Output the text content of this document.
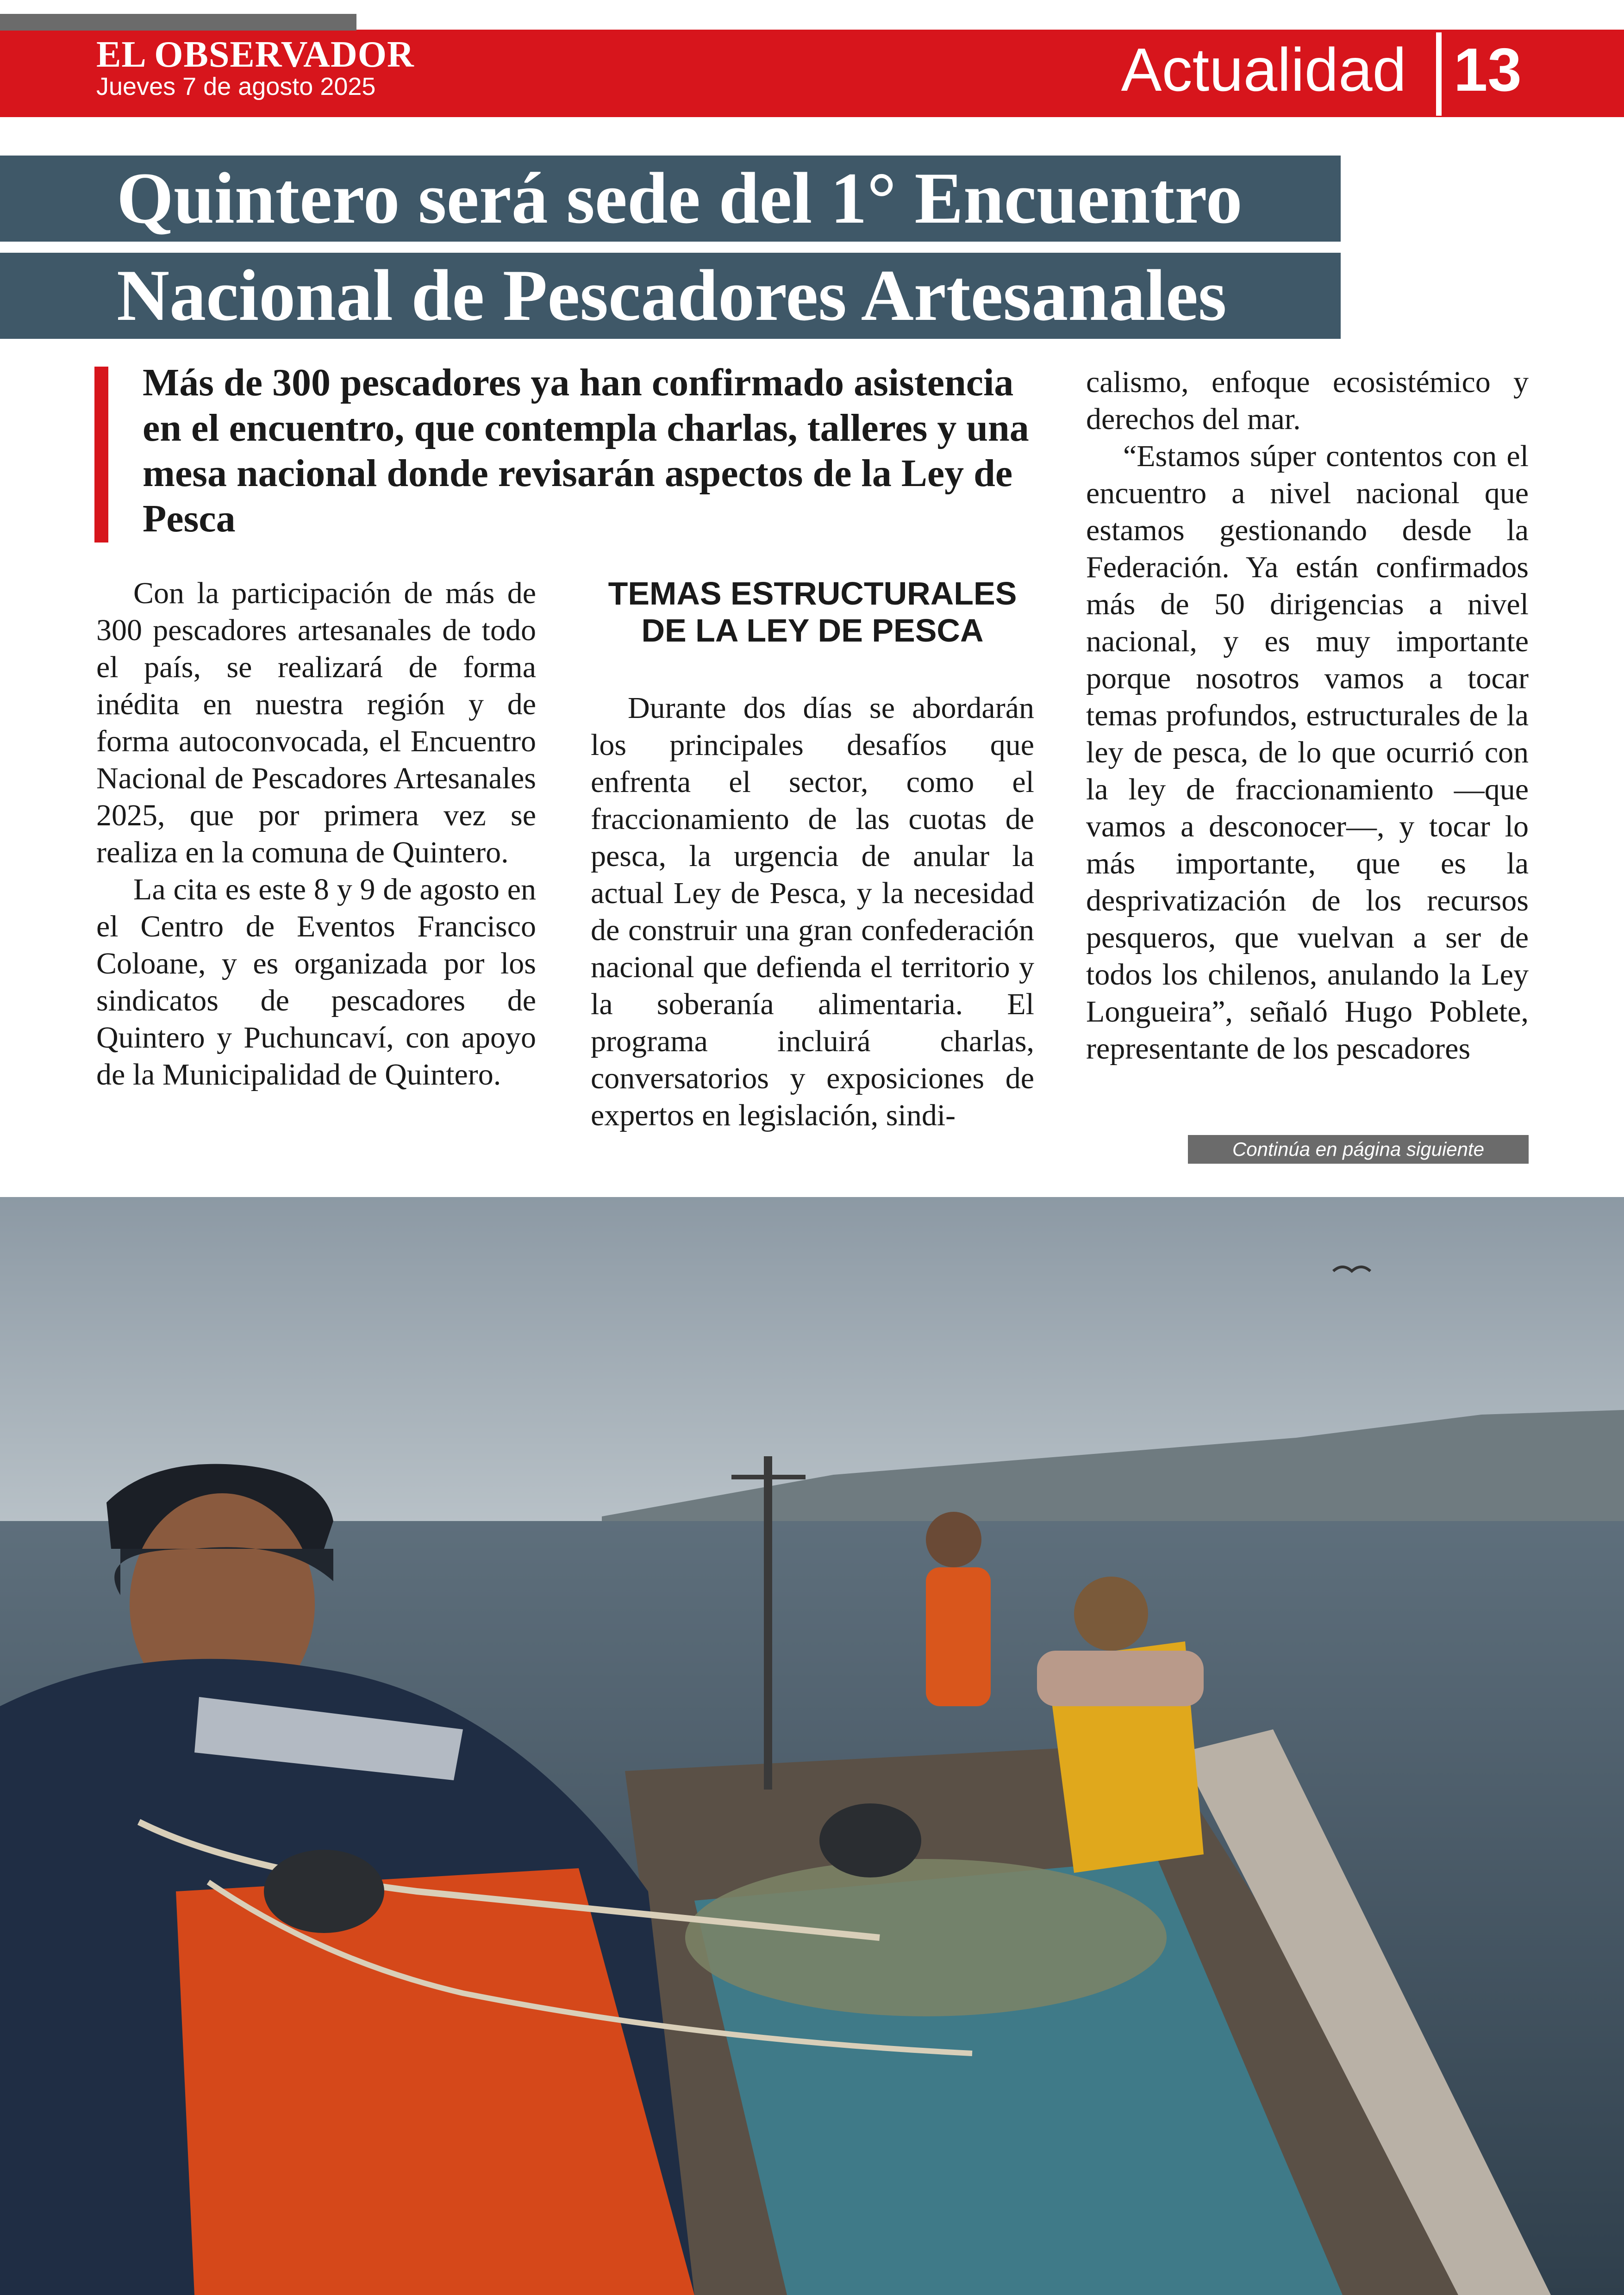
EL OBSERVADOR
Jueves 7 de agosto 2025	Actualidad 13
Quintero será sede del 1° Encuentro
Nacional de Pescadores Artesanales
Más de 300 pescadores ya han confirmado asistencia en el encuentro, que contempla charlas, talleres y una mesa nacional donde revisarán aspectos de la Ley de Pesca

Con la participación de más de 300 pescadores artesanales de todo el país, se realizará de forma inédita en nuestra región y de forma autoconvocada, el Encuentro Nacional de Pescadores Artesanales 2025, que por primera vez se realiza en la comuna de Quintero.

La cita es este 8 y 9 de agosto en el Centro de Eventos Francisco Coloane, y es organizada por los sindicatos de pescadores de Quintero y Puchuncaví, con apoyo de la Municipalidad de Quintero.

TEMAS ESTRUCTURALES DE LA LEY DE PESCA

Durante dos días se abordarán los principales desafíos que enfrenta el sector, como el fraccionamiento de las cuotas de pesca, la urgencia de anular la actual Ley de Pesca, y la necesidad de construir una gran confederación nacional que defienda el territorio y la soberanía alimentaria. El programa incluirá charlas, conversatorios y exposiciones de expertos en legislación, sindi-

calismo, enfoque ecosistémico y derechos del mar.

“Estamos súper contentos con el encuentro a nivel nacional que estamos gestionando desde la Federación. Ya están confirmados más de 50 dirigencias a nivel nacional, y es muy importante porque nosotros vamos a tocar temas profundos, estructurales de la ley de pesca, de lo que ocurrió con la ley de fraccionamiento —que vamos a desconocer—, y tocar lo más importante, que es la desprivatización de los recursos pesqueros, que vuelvan a ser de todos los chilenos, anulando la Ley Longueira”, señaló Hugo Poblete, representante de los pescadores

Continúa en página siguiente
